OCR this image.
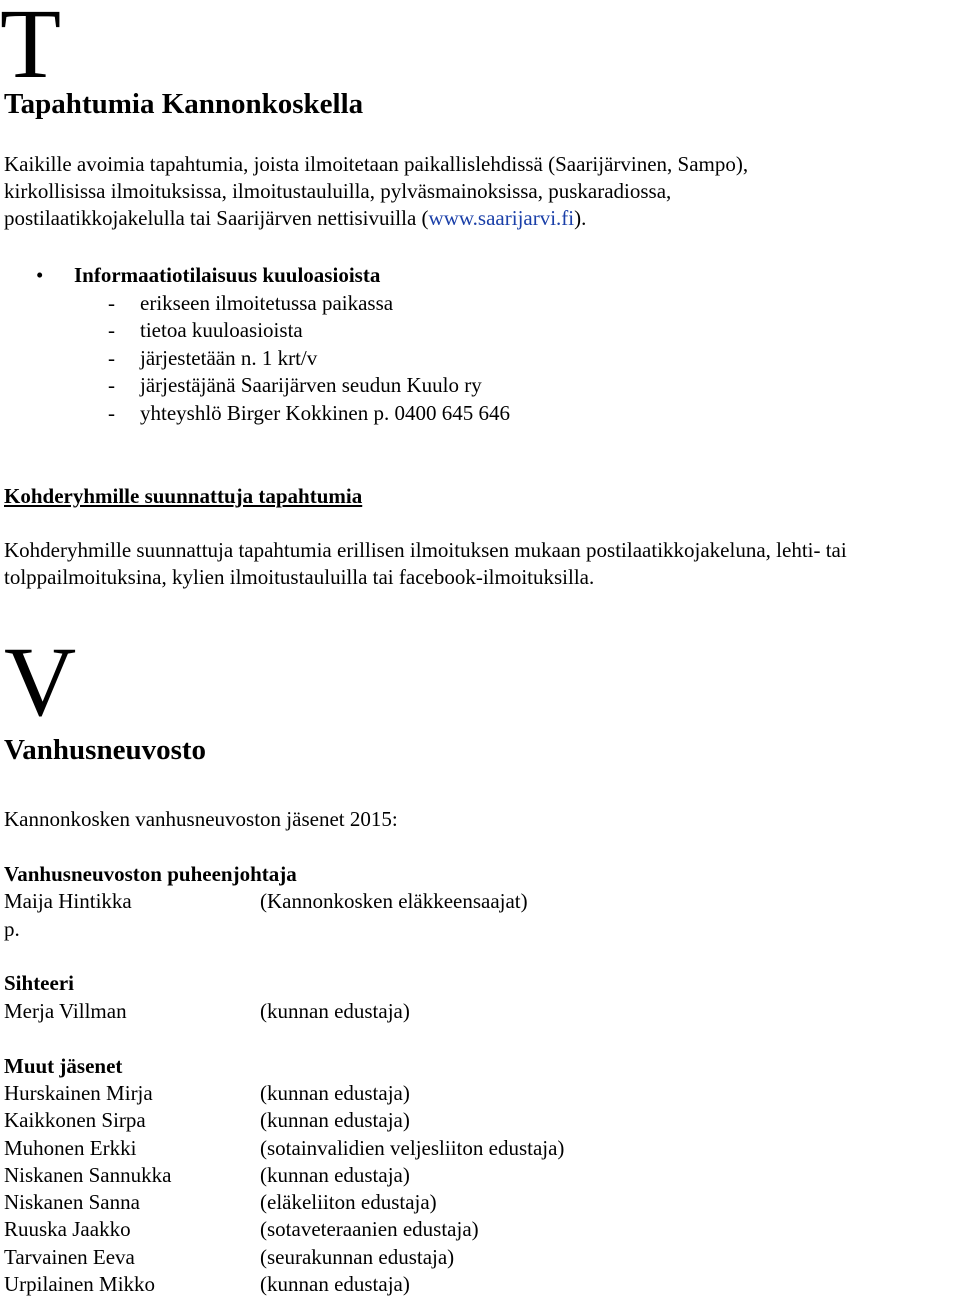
T
Tapahtumia Kannonkoskella
Kaikille avoimia tapahtumia, joista ilmoitetaan paikallislehdissä (Saarijärvinen, Sampo),
kirkollisissa ilmoituksissa, ilmoitustauluilla, pylväsmainoksissa, puskaradiossa,
postilaatikkojakelulla tai Saarijärven nettisivuilla (www.saarijarvi.fi).
• Informaatiotilaisuus kuuloasioista
- erikseen ilmoitetussa paikassa
- tietoa kuuloasioista
- järjestetään n. 1 krt/v
- järjestäjänä Saarijärven seudun Kuulo ry
- yhteyshlö Birger Kokkinen p. 0400 645 646
Kohderyhmille suunnattuja tapahtumia
Kohderyhmille suunnattuja tapahtumia erillisen ilmoituksen mukaan postilaatikkojakeluna, lehti- tai
tolppailmoituksina, kylien ilmoitustauluilla tai facebook-ilmoituksilla.
V
Vanhusneuvosto
Kannonkosken vanhusneuvoston jäsenet 2015:
Vanhusneuvoston puheenjohtaja
Maija Hintikka	(Kannonkosken eläkkeensaajat)
p.
Sihteeri
Merja Villman	(kunnan edustaja)
Muut jäsenet
Hurskainen Mirja	(kunnan edustaja)
Kaikkonen Sirpa	(kunnan edustaja)
Muhonen Erkki	(sotainvalidien veljesliiton edustaja)
Niskanen Sannukka	(kunnan edustaja)
Niskanen Sanna	(eläkeliiton edustaja)
Ruuska Jaakko	(sotaveteraanien edustaja)
Tarvainen Eeva	(seurakunnan edustaja)
Urpilainen Mikko	(kunnan edustaja)
